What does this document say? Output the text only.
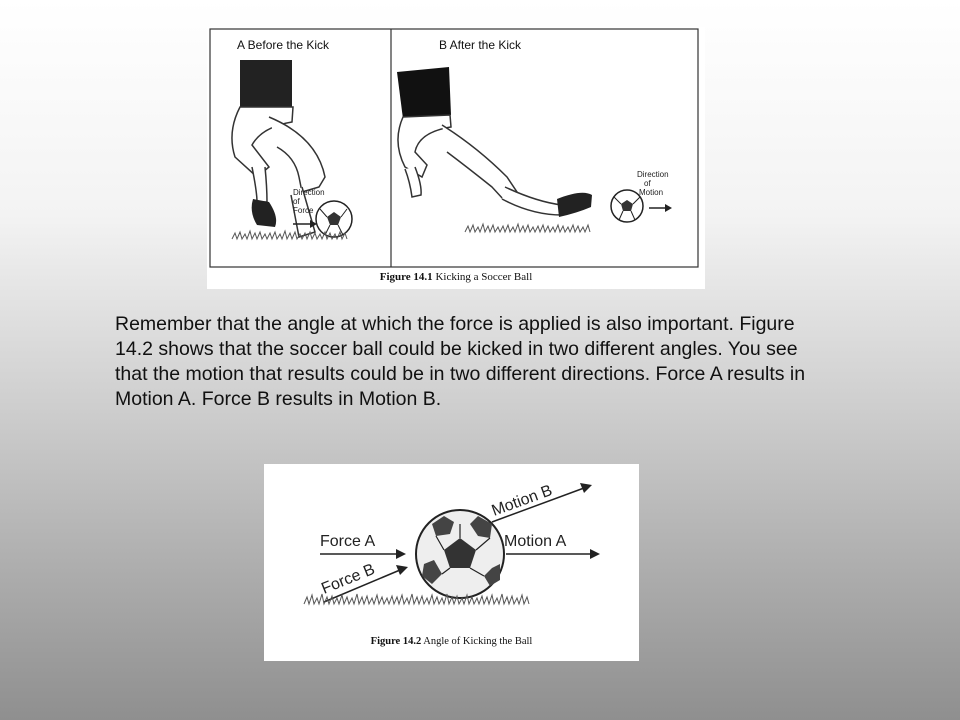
Direction
of
Force
Direction
of
Motion
A Before the Kick	B After the Kick
Figure 14.1 Kicking a Soccer Ball
Remember that the angle at which the force is applied is also important. Figure 14.2 shows that the soccer ball could be kicked in two different angles. You see that the motion that results could be in two different directions. Force A results in Motion A. Force B results in Motion B.
Force A
Force B
Motion A
Motion B
Figure 14.2 Angle of Kicking the Ball
